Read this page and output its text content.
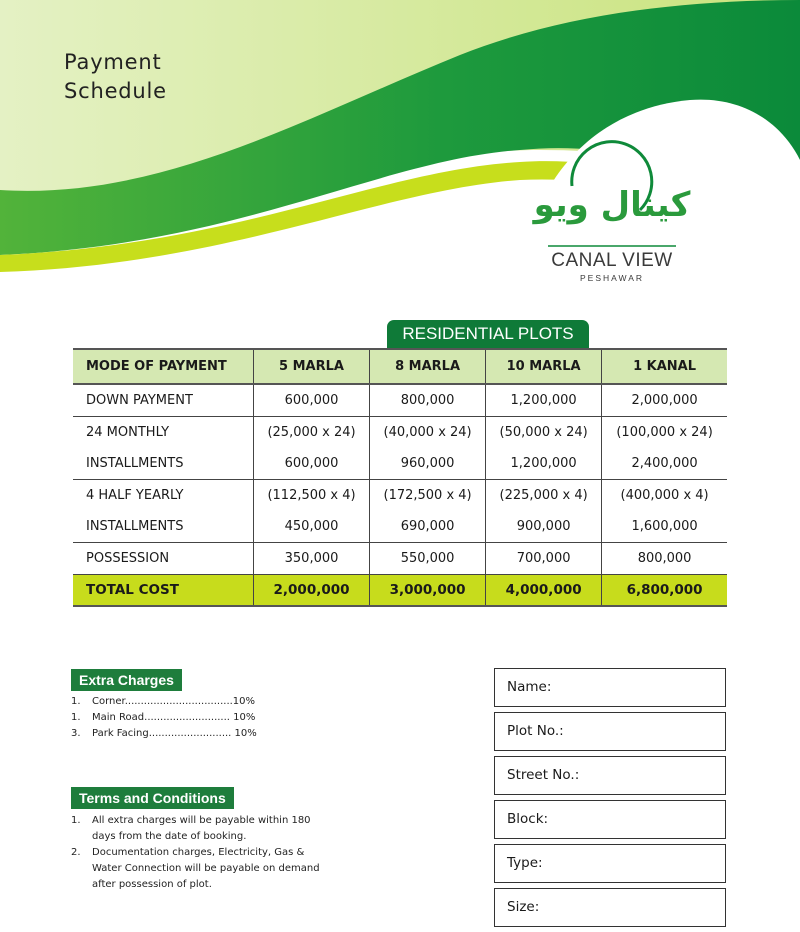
Payment
Schedule
کینال ویو
CANAL VIEW
PESHAWAR
RESIDENTIAL PLOTS
MODE OF PAYMENT	5 MARLA	8 MARLA	10 MARLA	1 KANAL
DOWN PAYMENT	600,000	800,000	1,200,000	2,000,000
24 MONTHLY	(25,000 x 24)	(40,000 x 24)	(50,000 x 24)	(100,000 x 24)
INSTALLMENTS	600,000	960,000	1,200,000	2,400,000
4 HALF YEARLY	(112,500 x 4)	(172,500 x 4)	(225,000 x 4)	(400,000 x 4)
INSTALLMENTS	450,000	690,000	900,000	1,600,000
POSSESSION	350,000	550,000	700,000	800,000
TOTAL COST	2,000,000	3,000,000	4,000,000	6,800,000
Extra Charges
1.	Corner..................................10%
1.	Main Road........................... 10%
3.	Park Facing.......................... 10%
Terms and Conditions
1.	All extra charges will be payable within 180 days from the date of booking.
2.	Documentation charges, Electricity, Gas & Water Connection will be payable on demand after possession of plot.
Name:
Plot No.:
Street No.:
Block:
Type:
Size:
